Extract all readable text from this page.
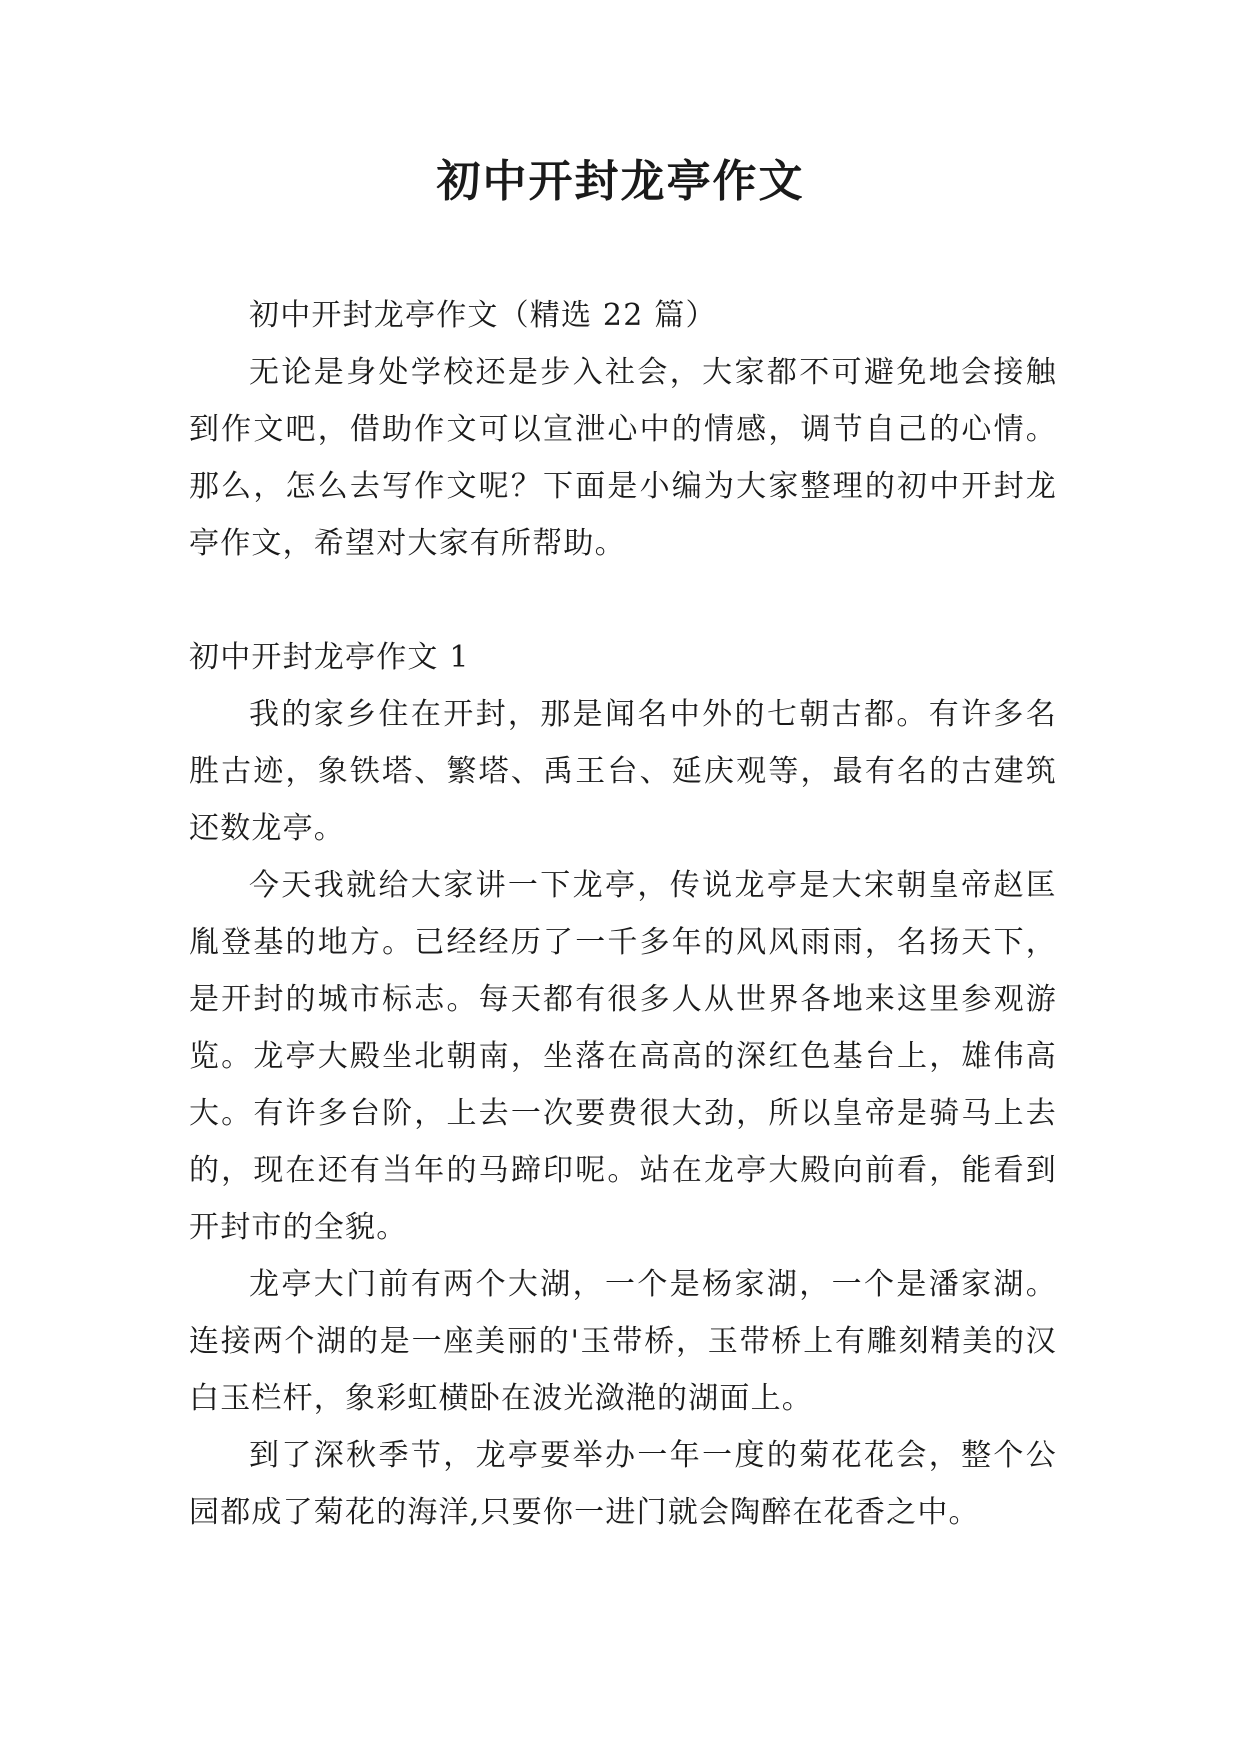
初中开封龙亭作文

初中开封龙亭作文（精选 22 篇）

无论是身处学校还是步入社会，大家都不可避免地会接触到作文吧，借助作文可以宣泄心中的情感，调节自己的心情。那么，怎么去写作文呢？下面是小编为大家整理的初中开封龙亭作文，希望对大家有所帮助。

初中开封龙亭作文 1

我的家乡住在开封，那是闻名中外的七朝古都。有许多名胜古迹，象铁塔、繁塔、禹王台、延庆观等，最有名的古建筑还数龙亭。

今天我就给大家讲一下龙亭，传说龙亭是大宋朝皇帝赵匡胤登基的地方。已经经历了一千多年的风风雨雨，名扬天下，是开封的城市标志。每天都有很多人从世界各地来这里参观游览。龙亭大殿坐北朝南，坐落在高高的深红色基台上，雄伟高大。有许多台阶，上去一次要费很大劲，所以皇帝是骑马上去的，现在还有当年的马蹄印呢。站在龙亭大殿向前看，能看到开封市的全貌。

龙亭大门前有两个大湖，一个是杨家湖，一个是潘家湖。连接两个湖的是一座美丽的'玉带桥，玉带桥上有雕刻精美的汉白玉栏杆，象彩虹横卧在波光潋滟的湖面上。

到了深秋季节，龙亭要举办一年一度的菊花花会，整个公园都成了菊花的海洋,只要你一进门就会陶醉在花香之中。
